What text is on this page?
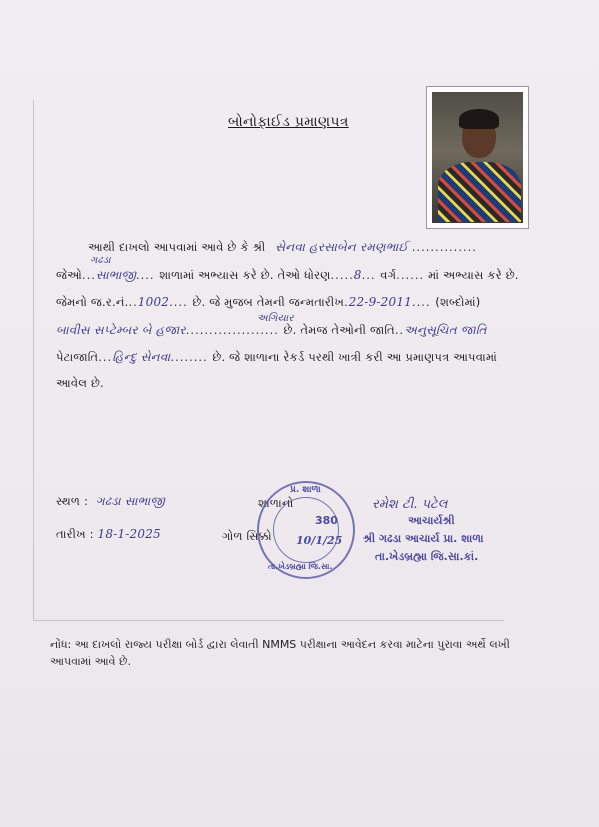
બોનોફાઈડ પ્રમાણપત્ર
આથી દાખલો આપવામાં આવે છે કે શ્રી સેનવા હરસાબેન રમણભાઈ ..............
ગઢડા
જેઓ...સાભાજી.... શાળામાં અભ્યાસ કરે છે. તેઓ ધોરણ.....8... વર્ગ...... માં અભ્યાસ કરે છે.
જેમનો જ.ર.નં...1002.... છે. જે મુજબ તેમની જન્મતારીખ.22-9-2011.... (શબ્દોમાં)
અગિયાર
બાવીસ સપ્ટેમ્બર બે હજાર.................... છે. તેમજ તેઓની જાતિ..અનુસૂચિત જાતિ
પેટાજાતિ...હિન્દુ સેનવા........ છે. જે શાળાના રેકર્ડ પરથી ખાત્રી કરી આ પ્રમાણપત્ર આપવામાં
આવેલ છે.
સ્થળ : ગઢડા સાભાજી
તારીખ : 18-1-2025
શાળાનો
ગોળ સિક્કો
પ્ર. શાળા
380
10/1/25
તા.ખેડબ્રહ્મા જિ.સા.
રમેશ ટી. પટેલ
આચાર્યશ્રી
શ્રી ગઢડા આચાર્ય પ્રા. શાળા
તા.ખેડબ્રહ્મા જિ.સા.કાં.
નોંધ: આ દાખલો રાજ્ય પરીક્ષા બોર્ડ દ્વારા લેવાતી NMMS પરીક્ષાના આવેદન કરવા માટેના પુરાવા અર્થે લખી આપવામાં આવે છે.
